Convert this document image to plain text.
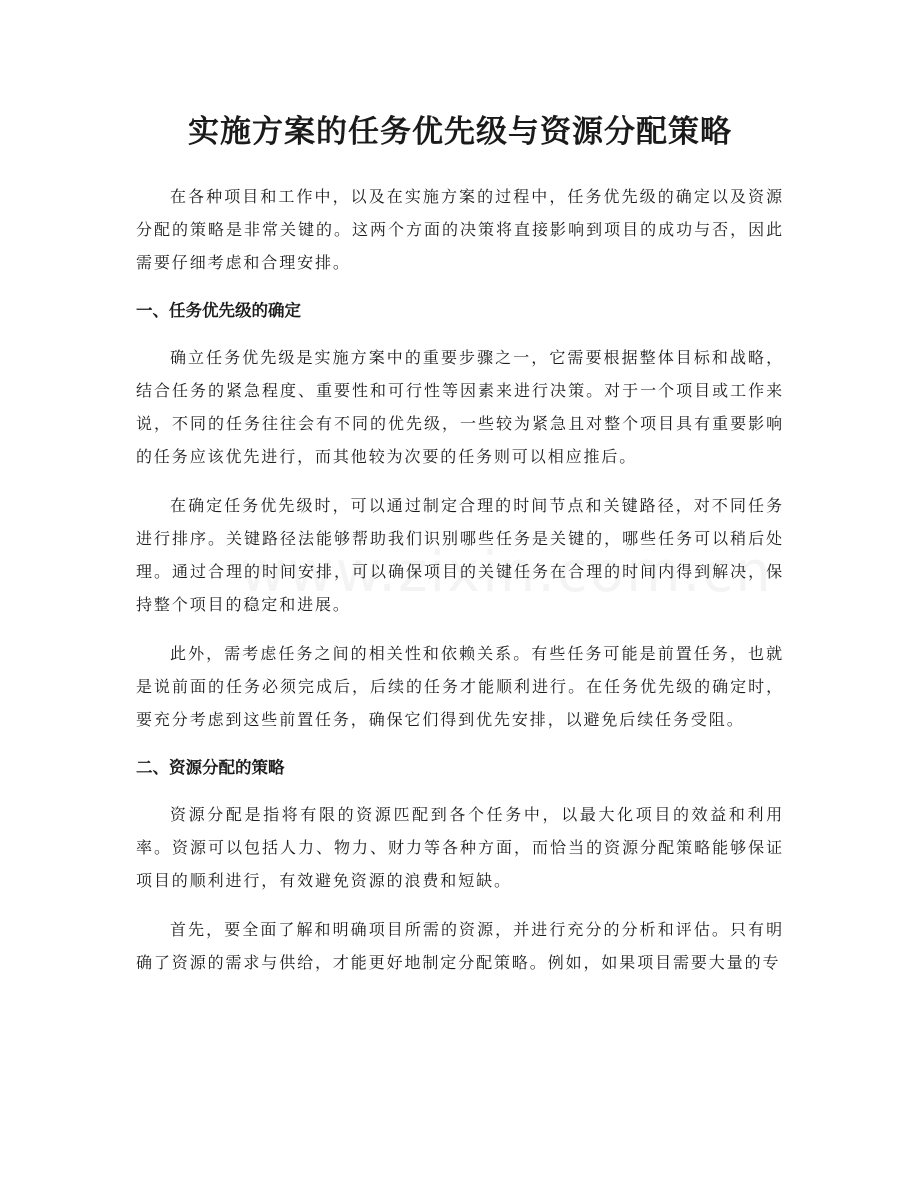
实施方案的任务优先级与资源分配策略

在各种项目和工作中，以及在实施方案的过程中，任务优先级的确定以及资源分配的策略是非常关键的。这两个方面的决策将直接影响到项目的成功与否，因此需要仔细考虑和合理安排。

一、任务优先级的确定

确立任务优先级是实施方案中的重要步骤之一，它需要根据整体目标和战略，结合任务的紧急程度、重要性和可行性等因素来进行决策。对于一个项目或工作来说，不同的任务往往会有不同的优先级，一些较为紧急且对整个项目具有重要影响的任务应该优先进行，而其他较为次要的任务则可以相应推后。

在确定任务优先级时，可以通过制定合理的时间节点和关键路径，对不同任务进行排序。关键路径法能够帮助我们识别哪些任务是关键的，哪些任务可以稍后处理。通过合理的时间安排，可以确保项目的关键任务在合理的时间内得到解决，保持整个项目的稳定和进展。

此外，需考虑任务之间的相关性和依赖关系。有些任务可能是前置任务，也就是说前面的任务必须完成后，后续的任务才能顺利进行。在任务优先级的确定时，要充分考虑到这些前置任务，确保它们得到优先安排，以避免后续任务受阻。

二、资源分配的策略

资源分配是指将有限的资源匹配到各个任务中，以最大化项目的效益和利用率。资源可以包括人力、物力、财力等各种方面，而恰当的资源分配策略能够保证项目的顺利进行，有效避免资源的浪费和短缺。

首先，要全面了解和明确项目所需的资源，并进行充分的分析和评估。只有明确了资源的需求与供给，才能更好地制定分配策略。例如，如果项目需要大量的专
